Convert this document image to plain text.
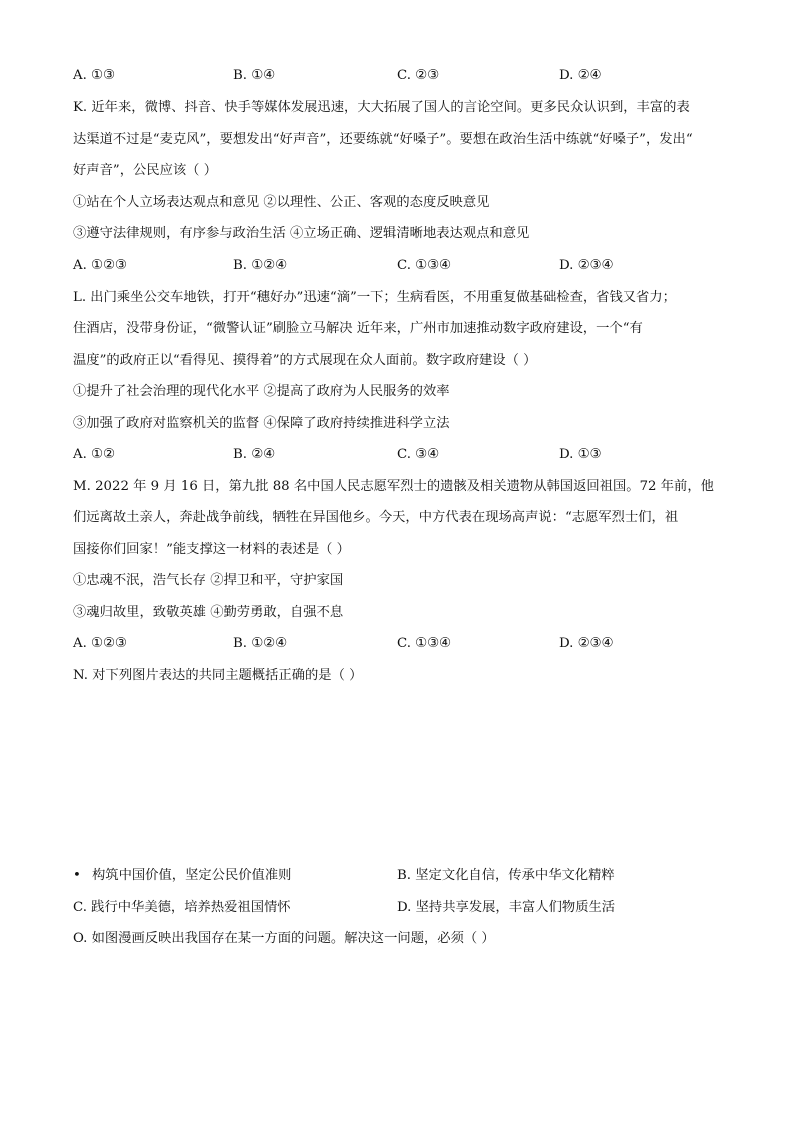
A. ①③	B. ①④	C. ②③	D. ②④
K. 近年来，微博、抖音、快手等媒体发展迅速，大大拓展了国人的言论空间。更多民众认识到，丰富的表
达渠道不过是“麦克风”，要想发出“好声音”，还要练就“好嗓子”。要想在政治生活中练就“好嗓子”，发出“
好声音”，公民应该（ ）
①站在个人立场表达观点和意见 ②以理性、公正、客观的态度反映意见
③遵守法律规则，有序参与政治生活 ④立场正确、逻辑清晰地表达观点和意见
A. ①②③	B. ①②④	C. ①③④	D. ②③④
L. 出门乘坐公交车地铁，打开“穗好办”迅速“滴”一下；生病看医，不用重复做基础检查，省钱又省力；
住酒店，没带身份证，“微警认证”刷脸立马解决 近年来，广州市加速推动数字政府建设，一个“有
温度”的政府正以“看得见、摸得着”的方式展现在众人面前。数字政府建设（ ）
①提升了社会治理的现代化水平 ②提高了政府为人民服务的效率
③加强了政府对监察机关的监督 ④保障了政府持续推进科学立法
A. ①②	B. ②④	C. ③④	D. ①③
M. 2022 年 9 月 16 日，第九批 88 名中国人民志愿军烈士的遗骸及相关遗物从韩国返回祖国。72 年前，他
们远离故土亲人，奔赴战争前线，牺牲在异国他乡。今天，中方代表在现场高声说：“志愿军烈士们，祖
国接你们回家！”能支撑这一材料的表述是（ ）
①忠魂不泯，浩气长存 ②捍卫和平，守护家国
③魂归故里，致敬英雄 ④勤劳勇敢，自强不息
A. ①②③	B. ①②④	C. ①③④	D. ②③④
N. 对下列图片表达的共同主题概括正确的是（ ）
• 构筑中国价值，坚定公民价值准则	B. 坚定文化自信，传承中华文化精粹
C. 践行中华美德，培养热爱祖国情怀	D. 坚持共享发展，丰富人们物质生活
O. 如图漫画反映出我国存在某一方面的问题。解决这一问题，必须（ ）
